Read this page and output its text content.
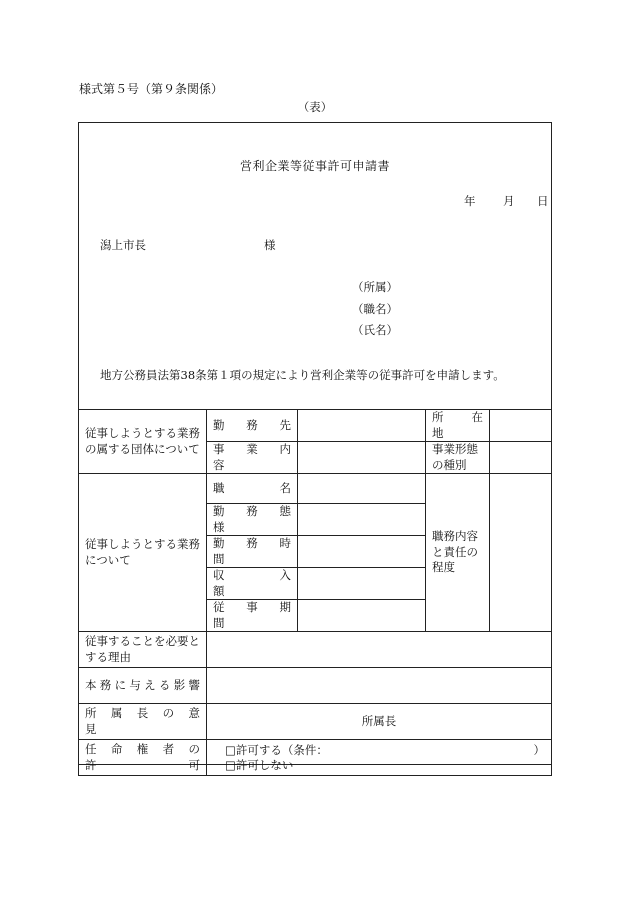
様式第５号（第９条関係）
（表）
営利企業等従事許可申請書
年 月 日
潟上市長	様
（所属）
（職名）
（氏名）
地方公務員法第38条第１項の規定により営利企業等の従事許可を申請します。
従事しようとする業務の属する団体について	勤　務　先		所　在　地	
	事　業　内　容		事業形態の種別	
従事しようとする業務について	職　　　名		職務内容と責任の程度	
	勤　務　態　様			
	勤　務　時　間			
	収　　入　　額			
	従　事　期　間			
従事することを必要とする理由				
本務に与える影響				
所　属　長　の　意　見	所属長			
任　命　権　者　の　許　可	□許可する（条件： ）
□許可しない			
